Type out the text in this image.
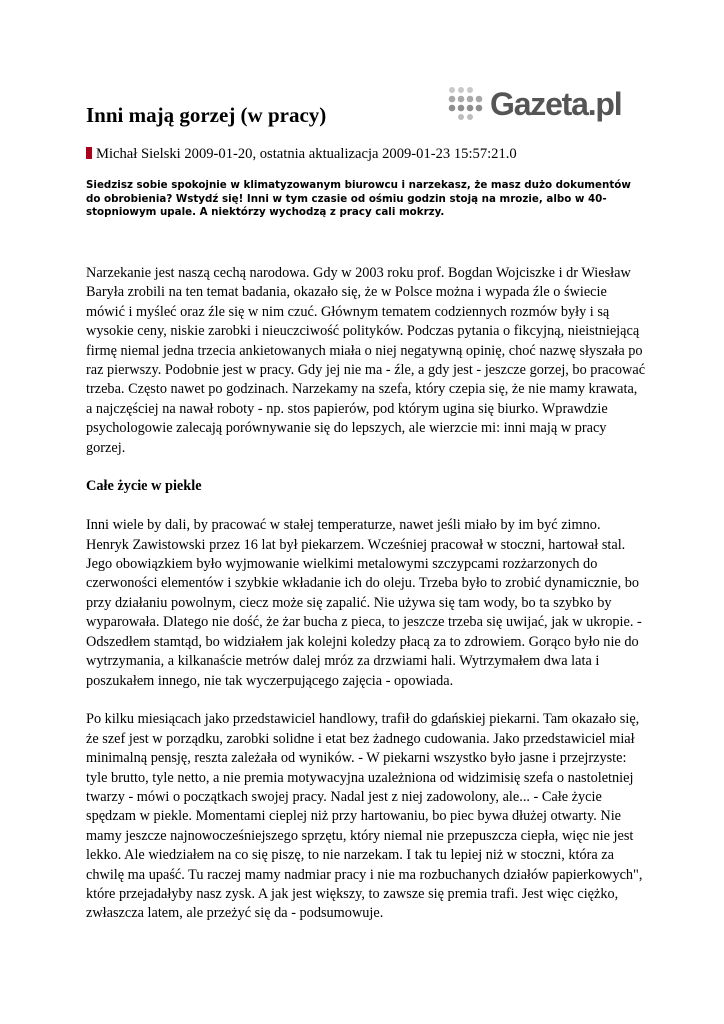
Gazeta.pl
Inni mają gorzej (w pracy)
Michał Sielski 2009-01-20, ostatnia aktualizacja 2009-01-23 15:57:21.0

Siedzisz sobie spokojnie w klimatyzowanym biurowcu i narzekasz, że masz dużo dokumentów do obrobienia? Wstydź się! Inni w tym czasie od ośmiu godzin stoją na mrozie, albo w 40-stopniowym upale. A niektórzy wychodzą z pracy cali mokrzy.

Narzekanie jest naszą cechą narodowa. Gdy w 2003 roku prof. Bogdan Wojciszke i dr Wiesław Baryła zrobili na ten temat badania, okazało się, że w Polsce można i wypada źle o świecie mówić i myśleć oraz źle się w nim czuć. Głównym tematem codziennych rozmów były i są wysokie ceny, niskie zarobki i nieuczciwość polityków. Podczas pytania o fikcyjną, nieistniejącą firmę niemal jedna trzecia ankietowanych miała o niej negatywną opinię, choć nazwę słyszała po raz pierwszy. Podobnie jest w pracy. Gdy jej nie ma - źle, a gdy jest - jeszcze gorzej, bo pracować trzeba. Często nawet po godzinach. Narzekamy na szefa, który czepia się, że nie mamy krawata, a najczęściej na nawał roboty - np. stos papierów, pod którym ugina się biurko. Wprawdzie psychologowie zalecają porównywanie się do lepszych, ale wierzcie mi: inni mają w pracy gorzej.

Całe życie w piekle

Inni wiele by dali, by pracować w stałej temperaturze, nawet jeśli miało by im być zimno. Henryk Zawistowski przez 16 lat był piekarzem. Wcześniej pracował w stoczni, hartował stal. Jego obowiązkiem było wyjmowanie wielkimi metalowymi szczypcami rozżarzonych do czerwoności elementów i szybkie wkładanie ich do oleju. Trzeba było to zrobić dynamicznie, bo przy działaniu powolnym, ciecz może się zapalić. Nie używa się tam wody, bo ta szybko by wyparowała. Dlatego nie dość, że żar bucha z pieca, to jeszcze trzeba się uwijać, jak w ukropie. - Odszedłem stamtąd, bo widziałem jak kolejni koledzy płacą za to zdrowiem. Gorąco było nie do wytrzymania, a kilkanaście metrów dalej mróz za drzwiami hali. Wytrzymałem dwa lata i poszukałem innego, nie tak wyczerpującego zajęcia - opowiada.

Po kilku miesiącach jako przedstawiciel handlowy, trafił do gdańskiej piekarni. Tam okazało się, że szef jest w porządku, zarobki solidne i etat bez żadnego cudowania. Jako przedstawiciel miał minimalną pensję, reszta zależała od wyników. - W piekarni wszystko było jasne i przejrzyste: tyle brutto, tyle netto, a nie premia motywacyjna uzależniona od widzimisię szefa o nastoletniej twarzy - mówi o początkach swojej pracy. Nadal jest z niej zadowolony, ale... - Całe życie spędzam w piekle. Momentami cieplej niż przy hartowaniu, bo piec bywa dłużej otwarty. Nie mamy jeszcze najnowocześniejszego sprzętu, który niemal nie przepuszcza ciepła, więc nie jest lekko. Ale wiedziałem na co się piszę, to nie narzekam. I tak tu lepiej niż w stoczni, która za chwilę ma upaść. Tu raczej mamy nadmiar pracy i nie ma rozbuchanych działów papierkowych", które przejadałyby nasz zysk. A jak jest większy, to zawsze się premia trafi. Jest więc ciężko, zwłaszcza latem, ale przeżyć się da - podsumowuje.
